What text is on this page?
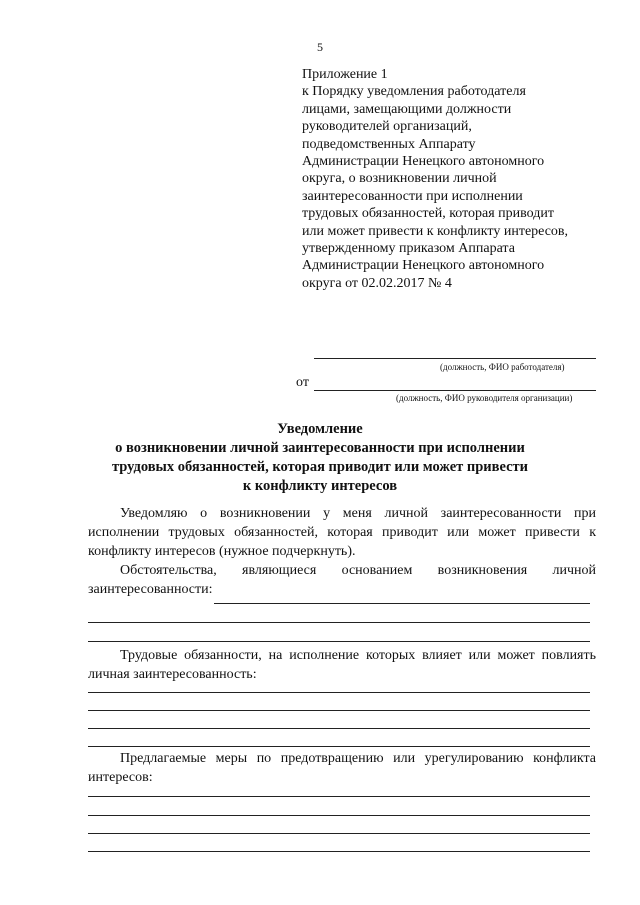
5
Приложение 1
к Порядку уведомления работодателя
лицами, замещающими должности
руководителей организаций,
подведомственных Аппарату
Администрации Ненецкого автономного
округа, о возникновении личной
заинтересованности при исполнении
трудовых обязанностей, которая приводит
или может привести к конфликту интересов,
утвержденному приказом Аппарата
Администрации Ненецкого автономного
округа от 02.02.2017 № 4
(должность, ФИО работодателя)
от
(должность, ФИО руководителя организации)
Уведомление
о возникновении личной заинтересованности при исполнении
трудовых обязанностей, которая приводит или может привести
к конфликту интересов
Уведомляю о возникновении у меня личной заинтересованности при исполнении трудовых обязанностей, которая приводит или может привести к конфликту интересов (нужное подчеркнуть).
Обстоятельства, являющиеся основанием возникновения личной заинтересованности:
Трудовые обязанности, на исполнение которых влияет или может повлиять личная заинтересованность:
Предлагаемые меры по предотвращению или урегулированию конфликта интересов:
